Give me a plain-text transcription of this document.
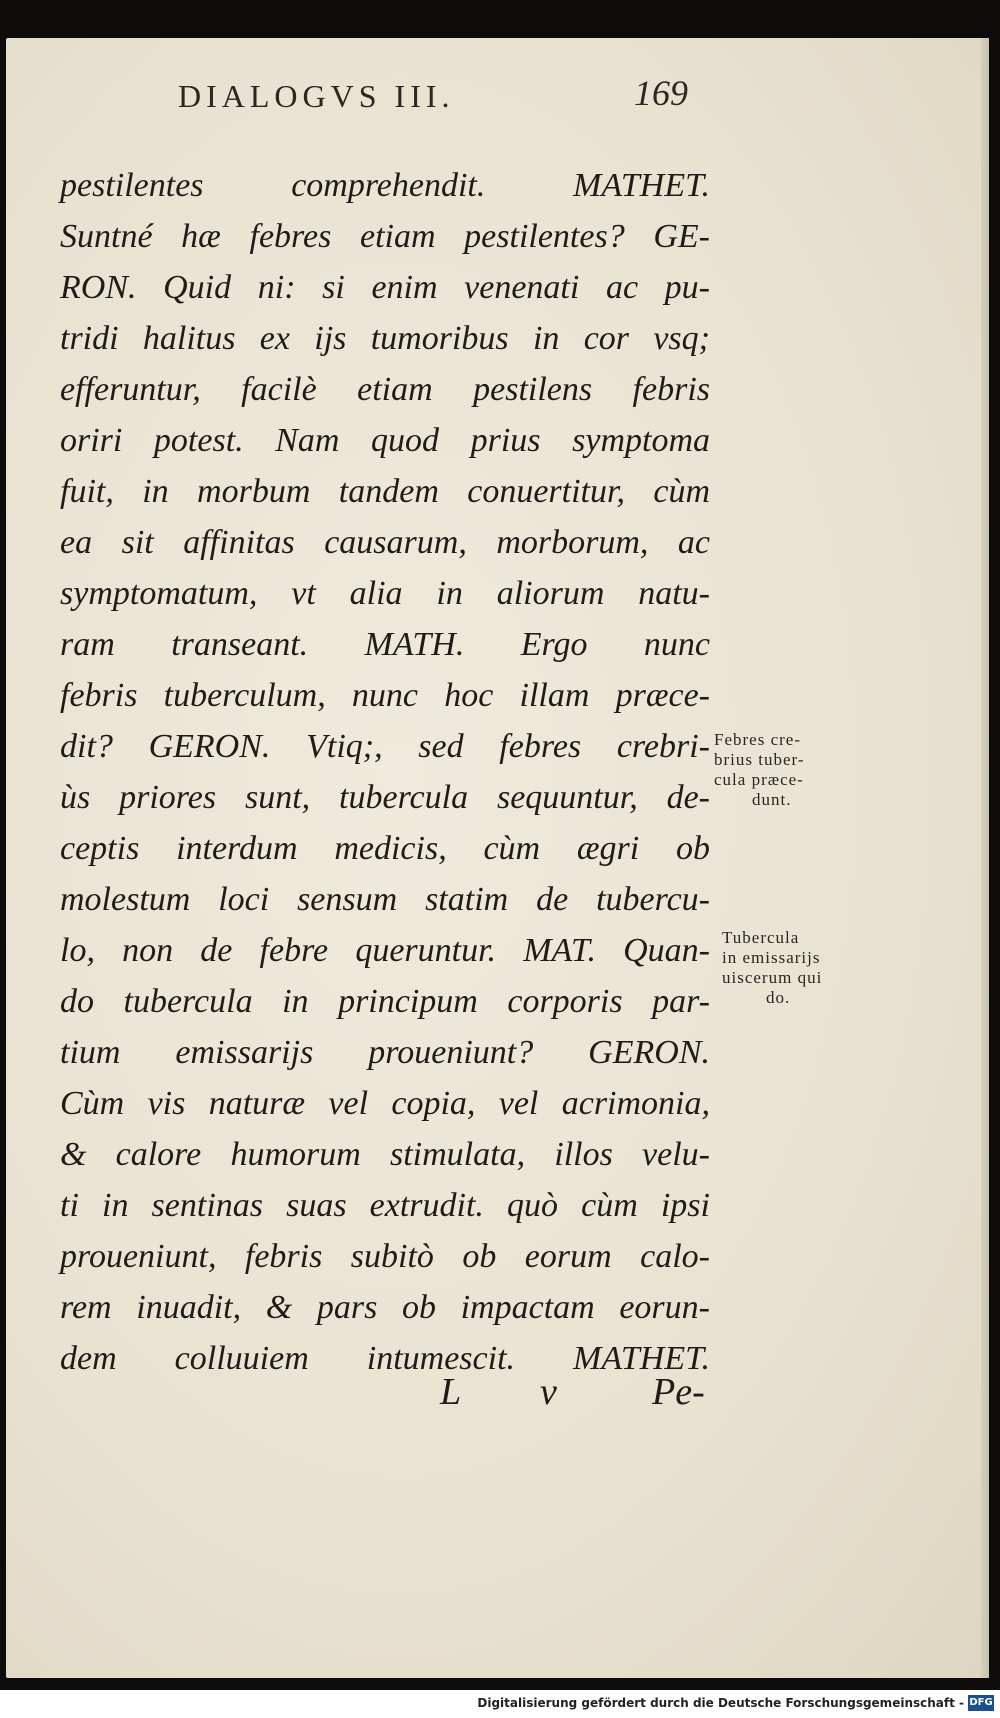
DIALOGVS III.	169
pestilentes comprehendit. MATHET.
Suntné hæ febres etiam pestilentes? GE-
RON. Quid ni: si enim venenati ac pu-
tridi halitus ex ijs tumoribus in cor vsq;
efferuntur, facilè etiam pestilens febris
oriri potest. Nam quod prius symptoma
fuit, in morbum tandem conuertitur, cùm
ea sit affinitas causarum, morborum, ac
symptomatum, vt alia in aliorum natu-
ram transeant. MATH. Ergo nunc
febris tuberculum, nunc hoc illam præce-
dit? GERON. Vtiq;, sed febres crebri-
ùs priores sunt, tubercula sequuntur, de-
ceptis interdum medicis, cùm ægri ob
molestum loci sensum statim de tubercu-
lo, non de febre queruntur. MAT. Quan-
do tubercula in principum corporis par-
tium emissarijs proueniunt? GERON.
Cùm vis naturæ vel copia, vel acrimonia,
& calore humorum stimulata, illos velu-
ti in sentinas suas extrudit. quò cùm ipsi
proueniunt, febris subitò ob eorum calo-
rem inuadit, & pars ob impactam eorun-
dem colluuiem intumescit. MATHET.
L v	Pe-
Febres cre-
brius tuber-
cula præce-
dunt.
Tubercula
in emissarijs
uiscerum qui
do.
Digitalisierung gefördert durch die Deutsche Forschungsgemeinschaft - DFG
